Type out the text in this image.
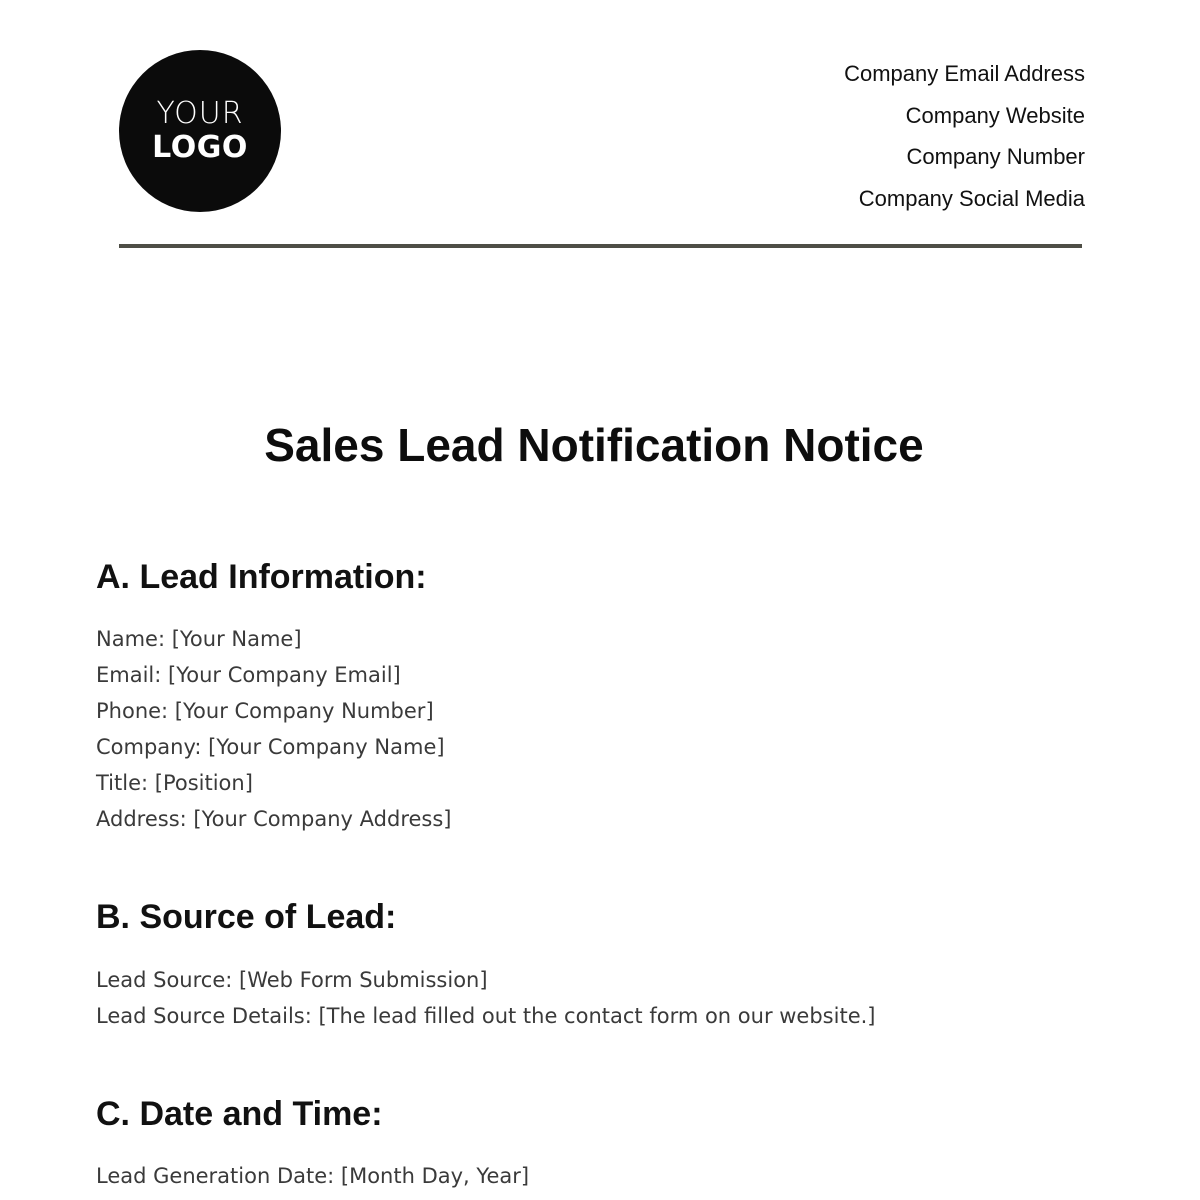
YOUR
LOGO
Company Email Address
Company Website
Company Number
Company Social Media
Sales Lead Notification Notice
A. Lead Information:
Name: [Your Name]
Email: [Your Company Email]
Phone: [Your Company Number]
Company: [Your Company Name]
Title: [Position]
Address: [Your Company Address]
B. Source of Lead:
Lead Source: [Web Form Submission]
Lead Source Details: [The lead filled out the contact form on our website.]
C. Date and Time:
Lead Generation Date: [Month Day, Year]
